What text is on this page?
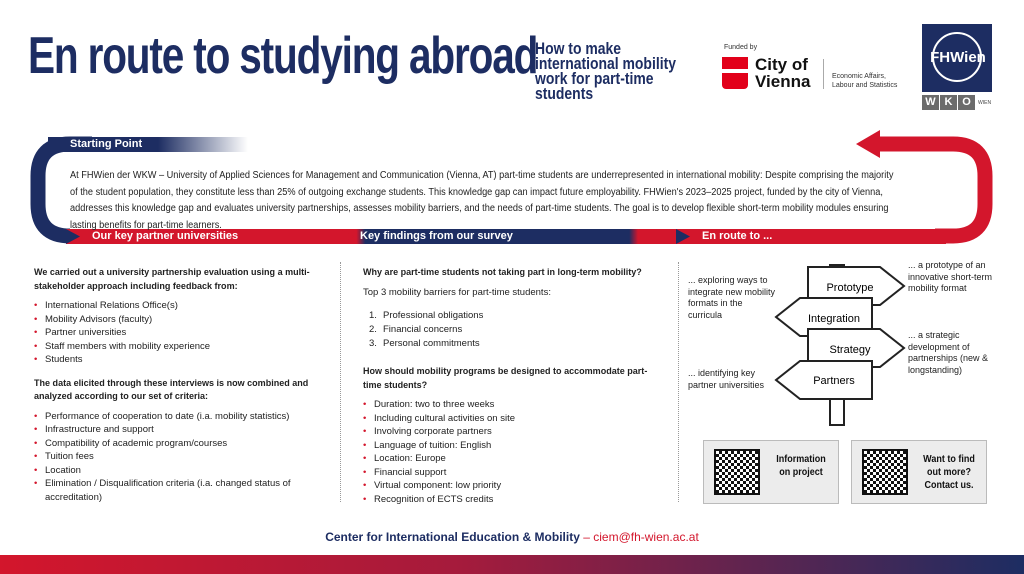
En route to studying abroad
How to make international mobility work for part-time students
Funded by
City of
Vienna	Economic Affairs,
Labour and Statistics
FHWien
W K O	WIEN
Starting Point
At FHWien der WKW – University of Applied Sciences for Management and Communication (Vienna, AT) part-time students are underrepresented in international mobility: Despite comprising the majority of the student population, they constitute less than 25% of outgoing exchange students. This knowledge gap can impact future employability. FHWien's 2023–2025 project, funded by the city of Vienna, addresses this knowledge gap and evaluates university partnerships, assesses mobility barriers, and the needs of part-time students. The goal is to develop flexible short-term mobility modules ensuring lasting benefits for part-time learners.
Our key partner universities	Key findings from our survey	En route to ...
We carried out a university partnership evaluation using a multi-stakeholder approach including feedback from:
• International Relations Office(s)
• Mobility Advisors (faculty)
• Partner universities
• Staff members with mobility experience
• Students
The data elicited through these interviews is now combined and analyzed according to our set of criteria:
• Performance of cooperation to date (i.a. mobility statistics)
• Infrastructure and support
• Compatibility of academic program/courses
• Tuition fees
• Location
• Elimination / Disqualification criteria (i.a. changed status of accreditation)
Why are part-time students not taking part in long-term mobility?
Top 3 mobility barriers for part-time students:
1. Professional obligations
2. Financial concerns
3. Personal commitments
How should mobility programs be designed to accommodate part-time students?
• Duration: two to three weeks
• Including cultural activities on site
• Involving corporate partners
• Language of tuition: English
• Location: Europe
• Financial support
• Virtual component: low priority
• Recognition of ECTS credits
... exploring ways to integrate new mobility formats in the curricula
... identifying key partner universities
... a prototype of an innovative short-term mobility format
... a strategic development of partnerships (new & longstanding)
Prototype
Integration
Strategy
Partners
Information on project
Want to find out more? Contact us.
Center for International Education & Mobility – ciem@fh-wien.ac.at
